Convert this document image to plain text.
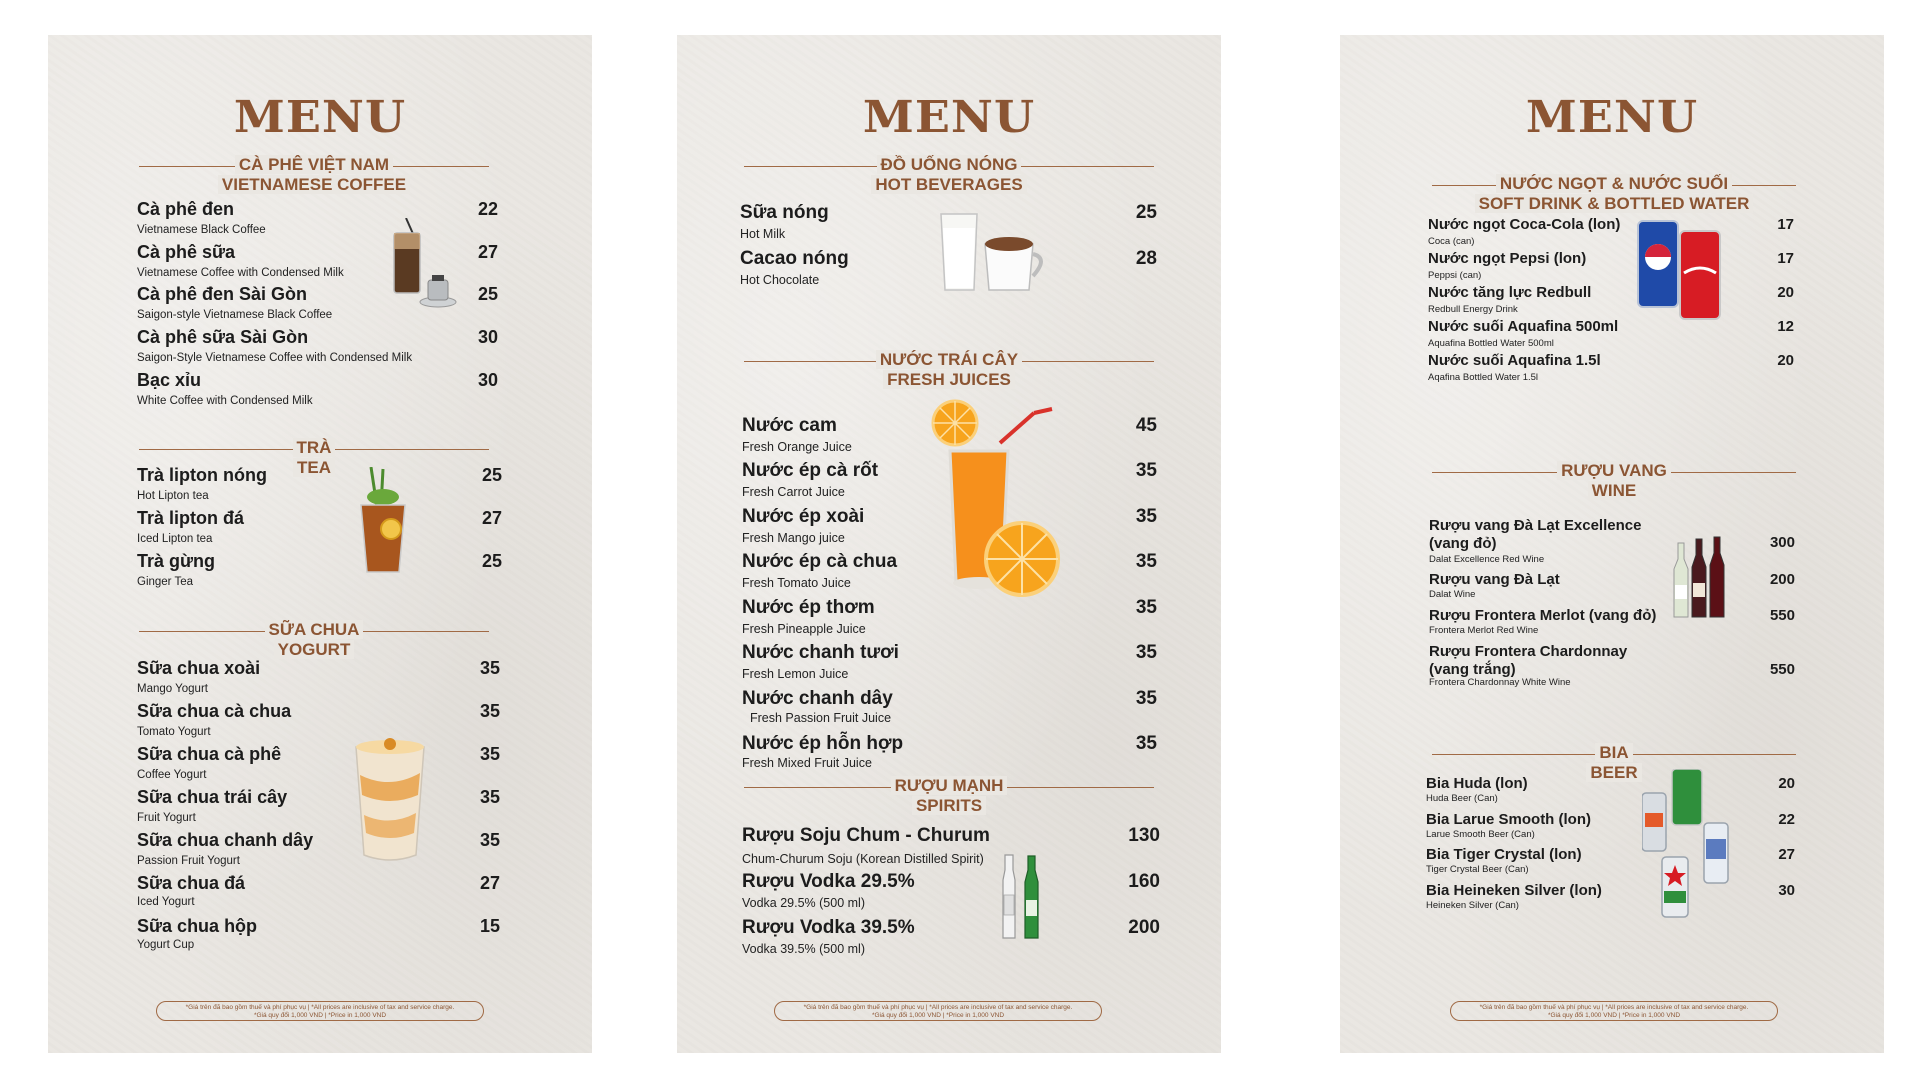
MENU
CÀ PHÊ VIỆT NAM
VIETNAMESE COFFEE
Cà phê đen
Vietnamese Black Coffee
22
Cà phê sữa
Vietnamese Coffee with Condensed Milk
27
Cà phê đen Sài Gòn
Saigon-style Vietnamese Black Coffee
25
Cà phê sữa Sài Gòn
Saigon-Style Vietnamese Coffee with Condensed Milk
30
Bạc xỉu
White Coffee with Condensed Milk
30
TRÀ
TEA
Trà lipton nóng
Hot Lipton tea
25
Trà lipton đá
Iced Lipton tea
27
Trà gừng
Ginger Tea
25
SỮA CHUA
YOGURT
Sữa chua xoài
Mango Yogurt
35
Sữa chua cà chua
Tomato Yogurt
35
Sữa chua cà phê
Coffee Yogurt
35
Sữa chua trái cây
Fruit Yogurt
35
Sữa chua chanh dây
Passion Fruit Yogurt
35
Sữa chua đá
Iced Yogurt
27
Sữa chua hộp
Yogurt Cup
15
*Giá trên đã bao gồm thuế và phí phục vụ | *All prices are inclusive of tax and service charge.
*Giá quy đổi 1,000 VND | *Price in 1,000 VND
MENU
ĐỒ UỐNG NÓNG
HOT BEVERAGES
Sữa nóng
Hot Milk
25
Cacao nóng
Hot Chocolate
28
NƯỚC TRÁI CÂY
FRESH JUICES
Nước cam
Fresh Orange Juice
45
Nước ép cà rốt
Fresh Carrot Juice
35
Nước ép xoài
Fresh Mango juice
35
Nước ép cà chua
Fresh Tomato Juice
35
Nước ép thơm
Fresh Pineapple Juice
35
Nước chanh tươi
Fresh Lemon Juice
35
Nước chanh dây
Fresh Passion Fruit Juice
35
Nước ép hỗn hợp
Fresh Mixed Fruit Juice
35
RƯỢU MẠNH
SPIRITS
Rượu Soju Chum - Churum
Chum-Churum Soju (Korean Distilled Spirit)
130
Rượu Vodka 29.5%
Vodka 29.5% (500 ml)
160
Rượu Vodka 39.5%
Vodka 39.5% (500 ml)
200
*Giá trên đã bao gồm thuế và phí phục vụ | *All prices are inclusive of tax and service charge.
*Giá quy đổi 1,000 VND | *Price in 1,000 VND
MENU
NƯỚC NGỌT & NƯỚC SUỐI
SOFT DRINK & BOTTLED WATER
Nước ngọt Coca-Cola (lon)
Coca (can)
17
Nước ngọt Pepsi (lon)
Peppsi (can)
17
Nước tăng lực Redbull
Redbull Energy Drink
20
Nước suối Aquafina 500ml
Aquafina Bottled Water 500ml
12
Nước suối Aquafina 1.5l
Aqafina Bottled Water 1.5l
20
RƯỢU VANG
WINE
Rượu vang Đà Lạt Excellence
(vang đỏ)
Dalat Excellence Red Wine
300
Rượu vang Đà Lạt
Dalat Wine
200
Rượu Frontera Merlot (vang đỏ)
Frontera Merlot Red Wine
550
Rượu Frontera Chardonnay
(vang trắng)
Frontera Chardonnay White Wine
550
BIA
BEER
Bia Huda (lon)
Huda Beer (Can)
20
Bia Larue Smooth (lon)
Larue Smooth Beer (Can)
22
Bia Tiger Crystal (lon)
Tiger Crystal Beer (Can)
27
Bia Heineken Silver (lon)
Heineken Silver (Can)
30
*Giá trên đã bao gồm thuế và phí phục vụ | *All prices are inclusive of tax and service charge.
*Giá quy đổi 1,000 VND | *Price in 1,000 VND
